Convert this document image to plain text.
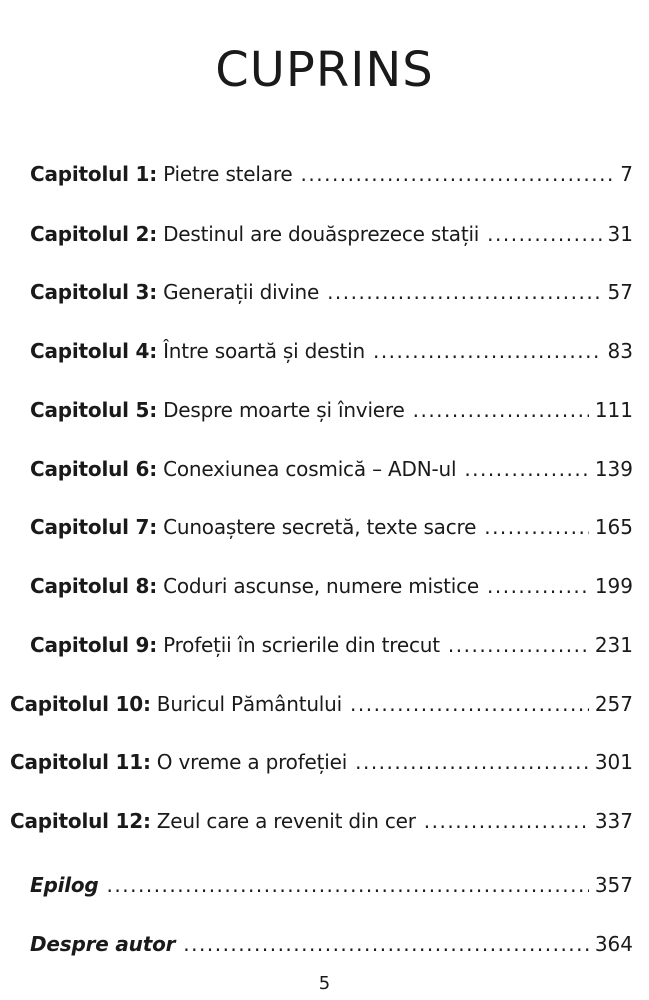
CUPRINS
Capitolul 1: Pietre stelare .....	7
Capitolul 2: Destinul are douăsprezece stații .....	31
Capitolul 3: Generații divine .....	57
Capitolul 4: Între soartă și destin .....	83
Capitolul 5: Despre moarte și înviere .....	111
Capitolul 6: Conexiunea cosmică – ADN-ul .....	139
Capitolul 7: Cunoaștere secretă, texte sacre .....	165
Capitolul 8: Coduri ascunse, numere mistice .....	199
Capitolul 9: Profeții în scrierile din trecut .....	231
Capitolul 10: Buricul Pământului .....	257
Capitolul 11: O vreme a profeției .....	301
Capitolul 12: Zeul care a revenit din cer .....	337
Epilog .....	357
Despre autor .....	364
5
